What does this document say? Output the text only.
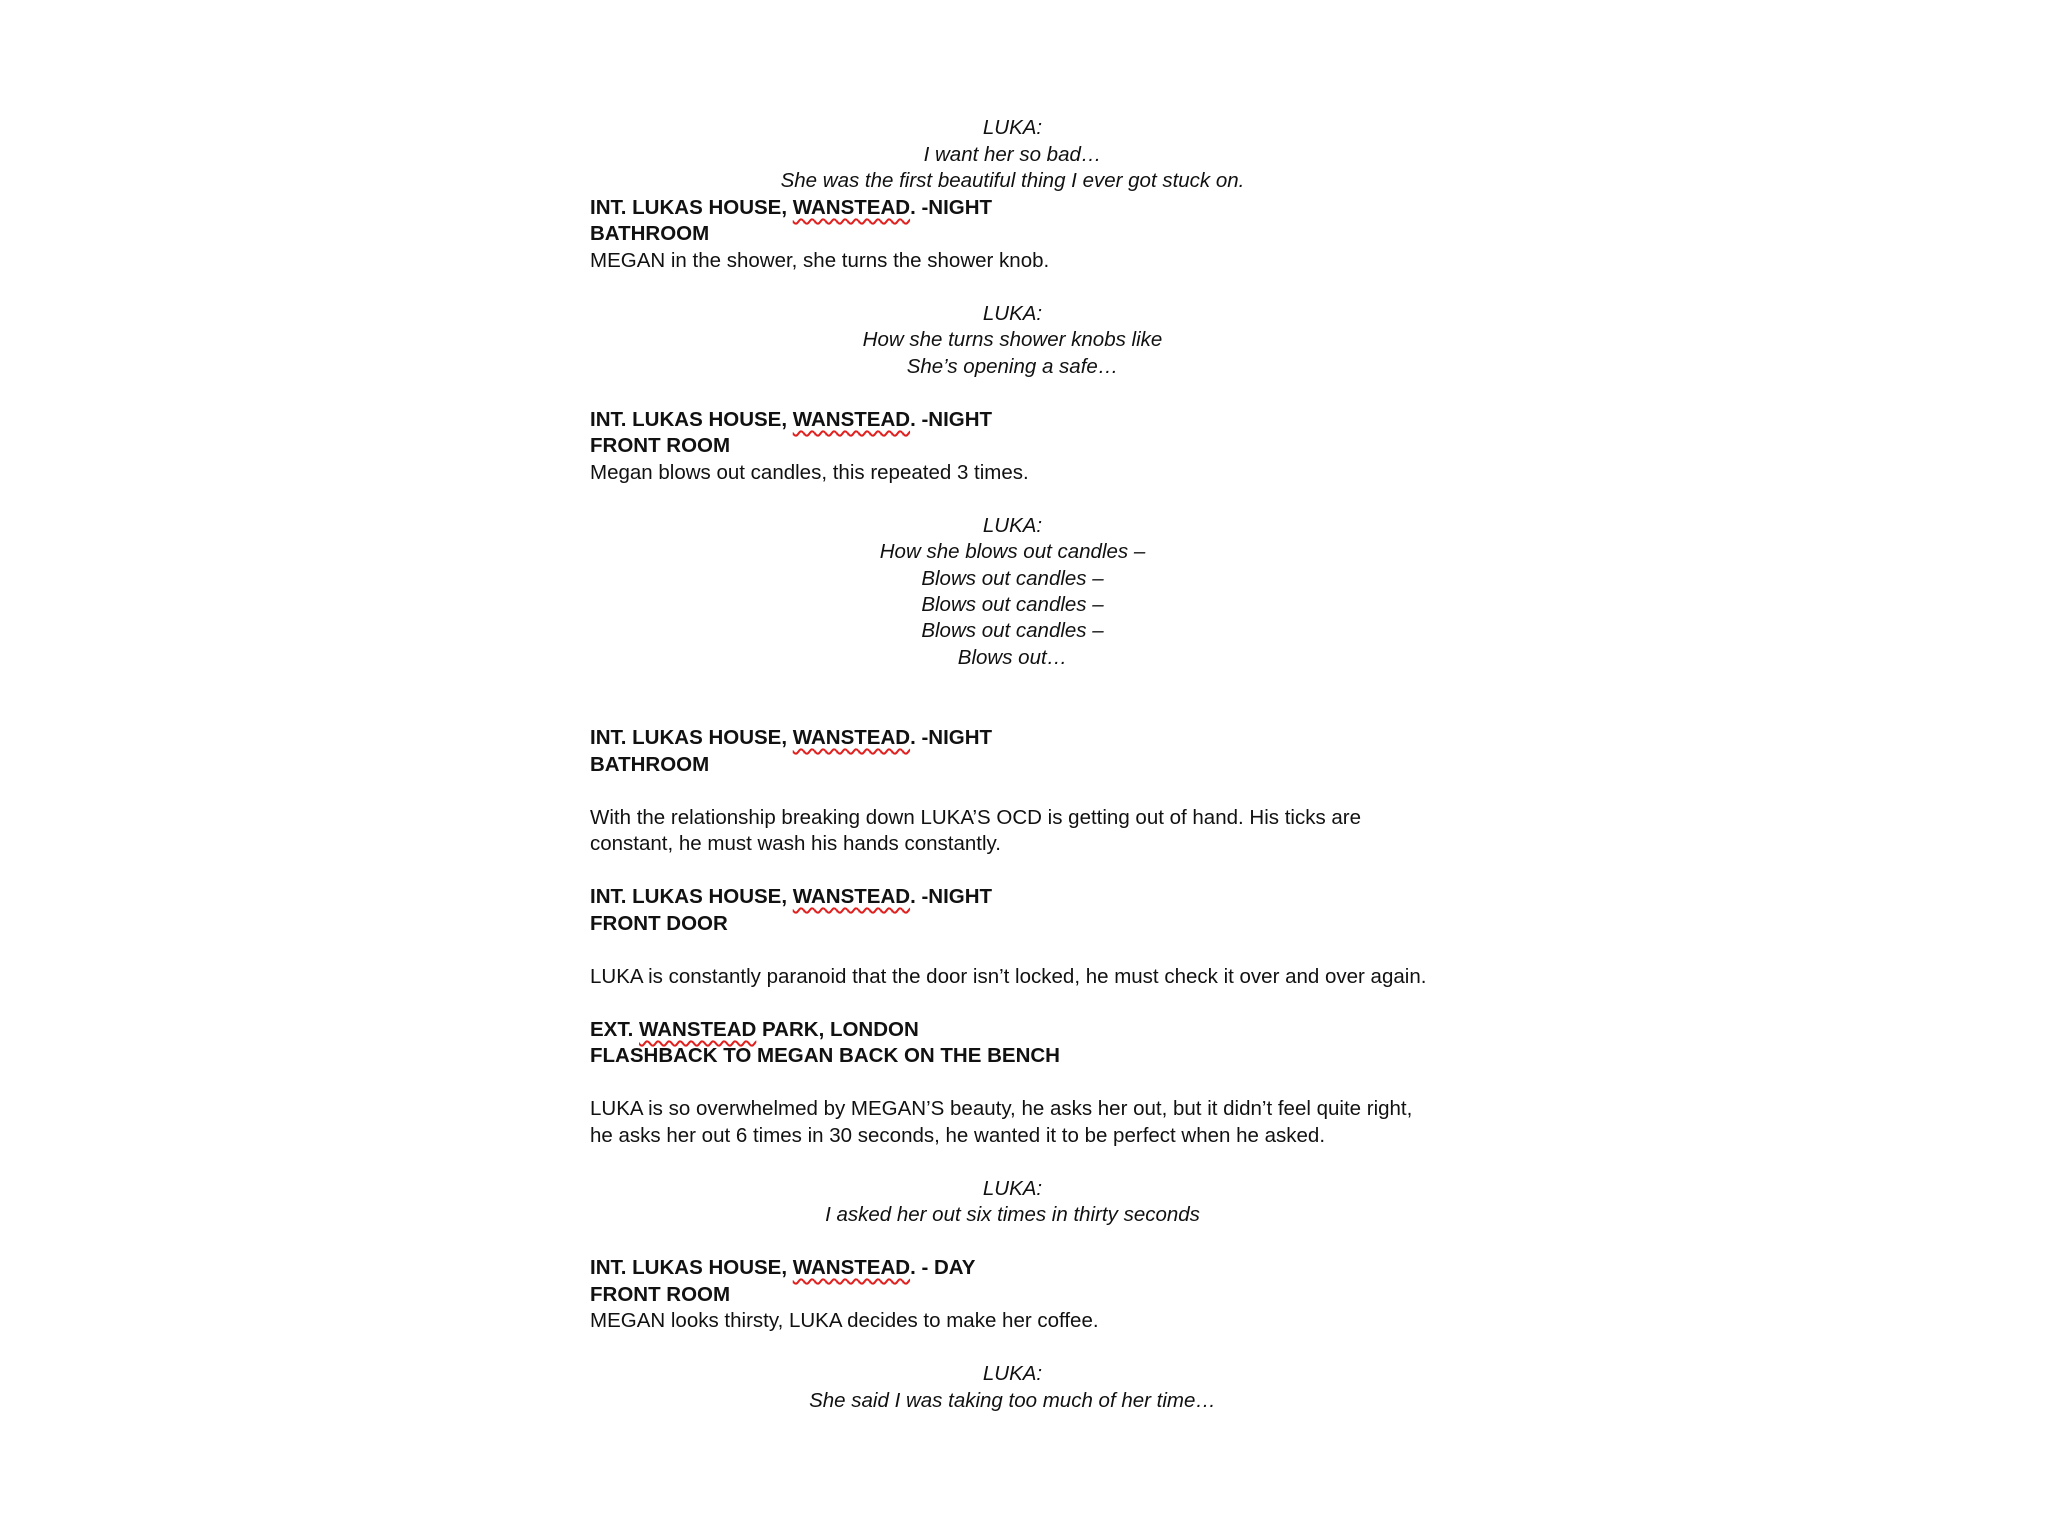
LUKA:
I want her so bad…
She was the first beautiful thing I ever got stuck on.
INT. LUKAS HOUSE, WANSTEAD. -NIGHT
BATHROOM
MEGAN in the shower, she turns the shower knob.
LUKA:
How she turns shower knobs like
She’s opening a safe…
INT. LUKAS HOUSE, WANSTEAD. -NIGHT
FRONT ROOM
Megan blows out candles, this repeated 3 times.
LUKA:
How she blows out candles –
Blows out candles –
Blows out candles –
Blows out candles –
Blows out…
INT. LUKAS HOUSE, WANSTEAD. -NIGHT
BATHROOM
With the relationship breaking down LUKA’S OCD is getting out of hand. His ticks are
constant, he must wash his hands constantly.
INT. LUKAS HOUSE, WANSTEAD. -NIGHT
FRONT DOOR
LUKA is constantly paranoid that the door isn’t locked, he must check it over and over again.
EXT. WANSTEAD PARK, LONDON
FLASHBACK TO MEGAN BACK ON THE BENCH
LUKA is so overwhelmed by MEGAN’S beauty, he asks her out, but it didn’t feel quite right,
he asks her out 6 times in 30 seconds, he wanted it to be perfect when he asked.
LUKA:
I asked her out six times in thirty seconds
INT. LUKAS HOUSE, WANSTEAD. - DAY
FRONT ROOM
MEGAN looks thirsty, LUKA decides to make her coffee.
LUKA:
She said I was taking too much of her time…
